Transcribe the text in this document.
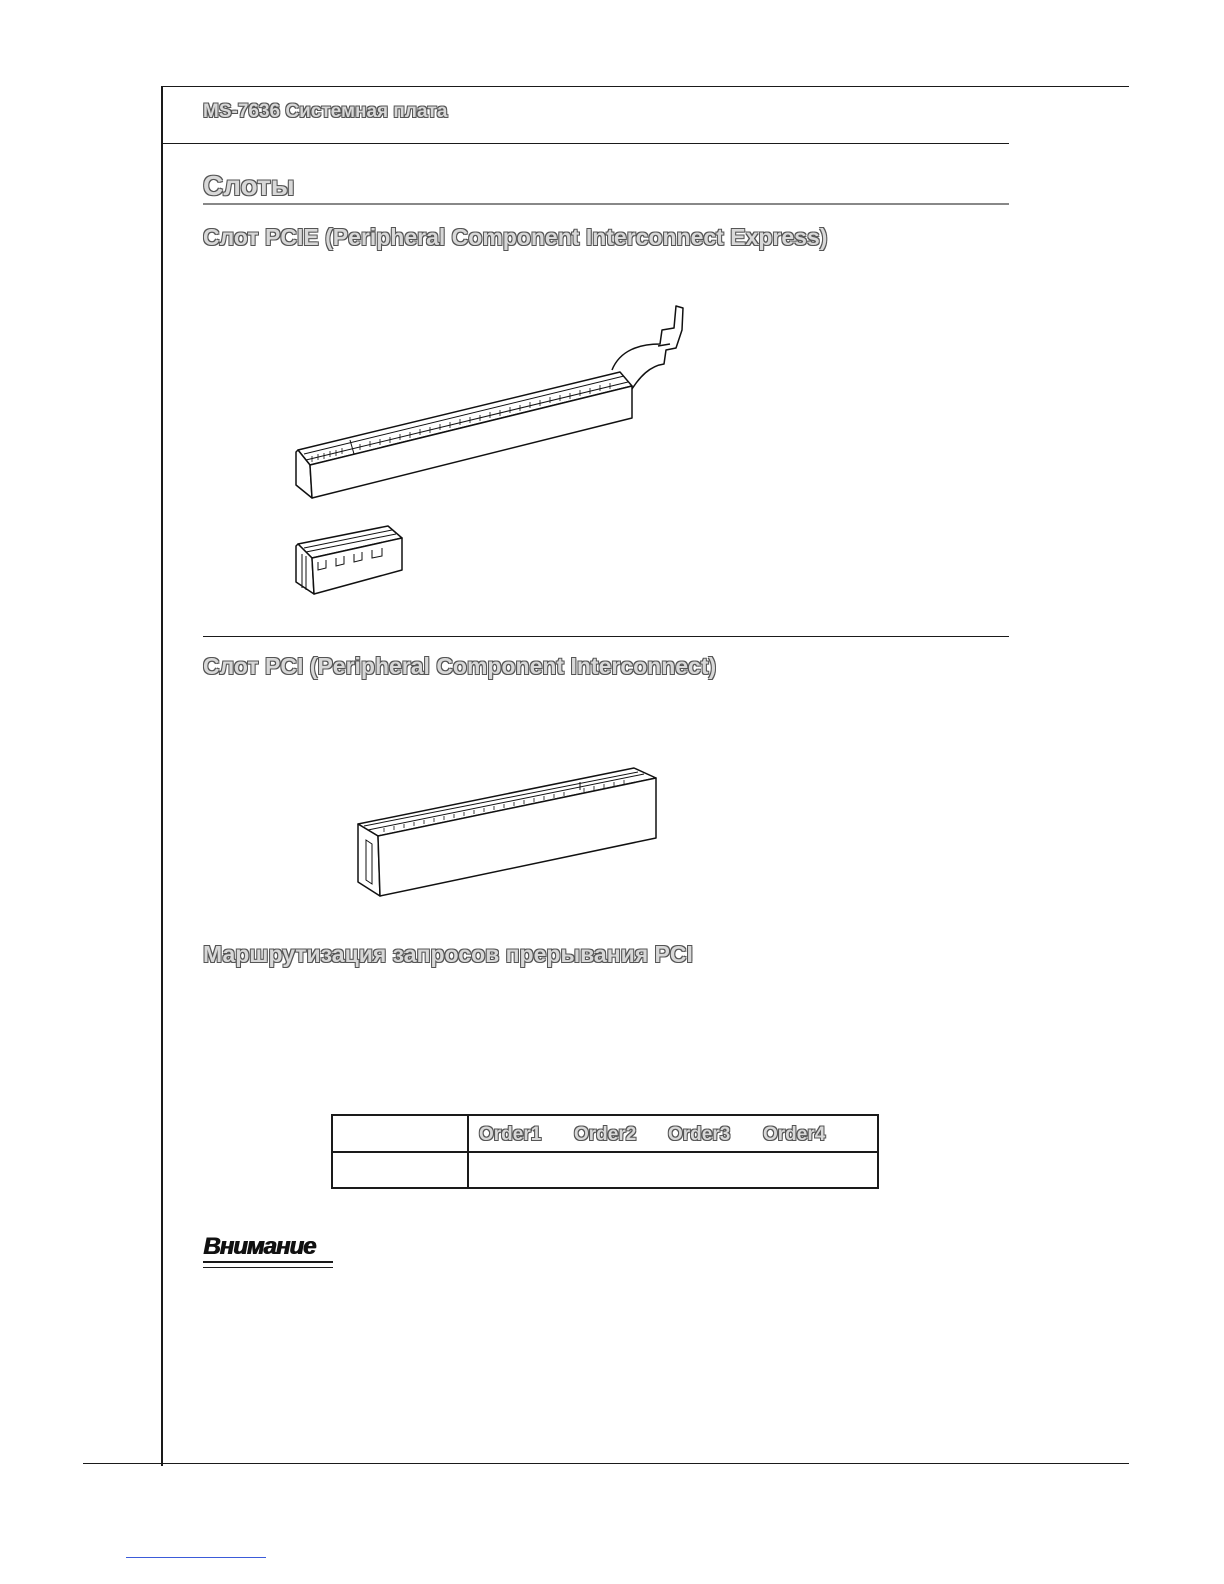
MS-7636 Системная плата
Слоты
Слот PCIE (Peripheral Component Interconnect Express)
Слот PCI (Peripheral Component Interconnect)
Маршрутизация запросов прерывания PCI
Order1 Order2 Order3 Order4
Внимание
